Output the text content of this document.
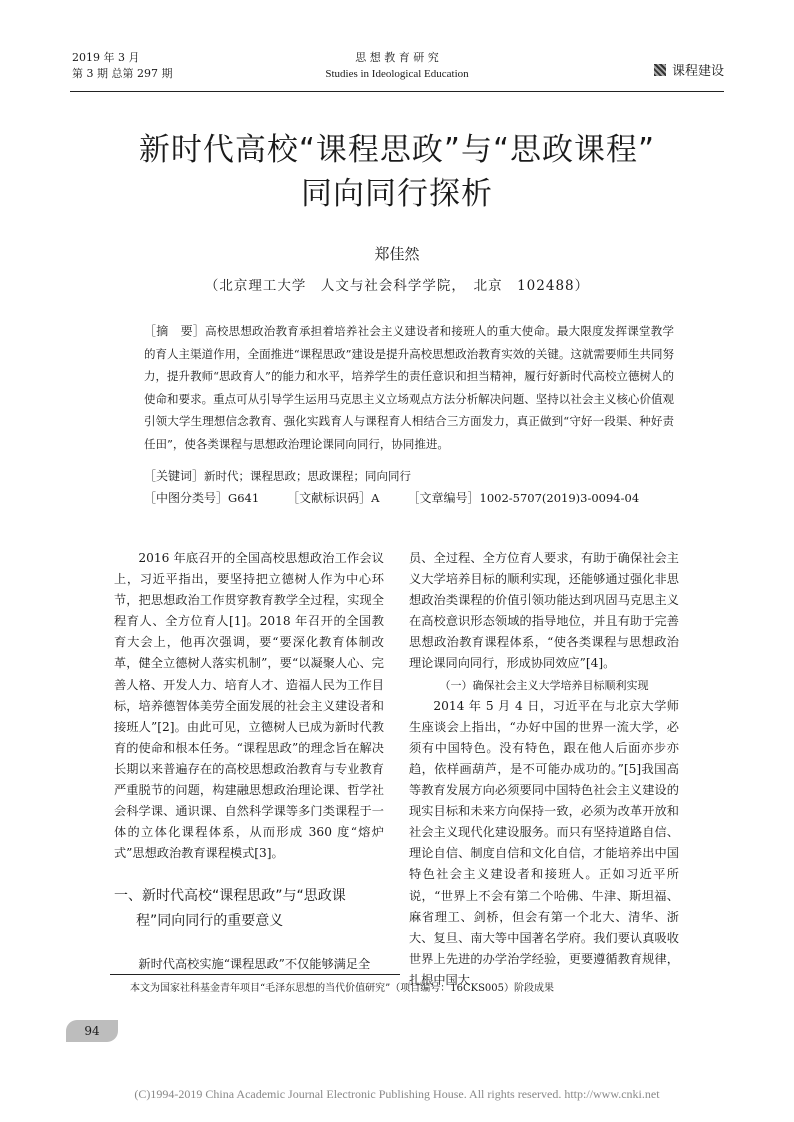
2019 年 3 月
第 3 期 总第 297 期
思 想 教 育 研 究
Studies in Ideological Education	课程建设
新时代高校“课程思政”与“思政课程”
同向同行探析
郑佳然
（北京理工大学　人文与社会科学学院，　北京　102488）
［摘　要］高校思想政治教育承担着培养社会主义建设者和接班人的重大使命。最大限度发挥课堂教学的育人主渠道作用，全面推进“课程思政”建设是提升高校思想政治教育实效的关键。这就需要师生共同努力，提升教师“思政育人”的能力和水平，培养学生的责任意识和担当精神，履行好新时代高校立德树人的使命和要求。重点可从引导学生运用马克思主义立场观点方法分析解决问题、坚持以社会主义核心价值观引领大学生理想信念教育、强化实践育人与课程育人相结合三方面发力，真正做到“守好一段渠、种好责任田”，使各类课程与思想政治理论课同向同行，协同推进。
［关键词］新时代；课程思政；思政课程；同向同行
［中图分类号］G641 ［文献标识码］A ［文章编号］1002-5707(2019)3-0094-04

2016 年底召开的全国高校思想政治工作会议上，习近平指出，要坚持把立德树人作为中心环节，把思想政治工作贯穿教育教学全过程，实现全程育人、全方位育人[1]。2018 年召开的全国教育大会上，他再次强调，要“要深化教育体制改革，健全立德树人落实机制”，要“以凝聚人心、完善人格、开发人力、培育人才、造福人民为工作目标，培养德智体美劳全面发展的社会主义建设者和接班人”[2]。由此可见，立德树人已成为新时代教育的使命和根本任务。“课程思政”的理念旨在解决长期以来普遍存在的高校思想政治教育与专业教育严重脱节的问题，构建融思想政治理论课、哲学社会科学课、通识课、自然科学课等多门类课程于一体的立体化课程体系，从而形成 360 度“熔炉式”思想政治教育课程模式[3]。

一、新时代高校“课程思政”与“思政课
程”同向同行的重要意义

新时代高校实施“课程思政”不仅能够满足全

员、全过程、全方位育人要求，有助于确保社会主义大学培养目标的顺利实现，还能够通过强化非思想政治类课程的价值引领功能达到巩固马克思主义在高校意识形态领域的指导地位，并且有助于完善思想政治教育课程体系，“使各类课程与思想政治理论课同向同行，形成协同效应”[4]。

（一）确保社会主义大学培养目标顺利实现

2014 年 5 月 4 日，习近平在与北京大学师生座谈会上指出，“办好中国的世界一流大学，必须有中国特色。没有特色，跟在他人后面亦步亦趋，依样画葫芦，是不可能办成功的。”[5]我国高等教育发展方向必须要同中国特色社会主义建设的现实目标和未来方向保持一致，必须为改革开放和社会主义现代化建设服务。而只有坚持道路自信、理论自信、制度自信和文化自信，才能培养出中国特色社会主义建设者和接班人。正如习近平所说，“世界上不会有第二个哈佛、牛津、斯坦福、麻省理工、剑桥，但会有第一个北大、清华、浙大、复旦、南大等中国著名学府。我们要认真吸收世界上先进的办学治学经验，更要遵循教育规律，扎根中国大

本文为国家社科基金青年项目“毛泽东思想的当代价值研究”（项目编号：16CKS005）阶段成果
94
(C)1994-2019 China Academic Journal Electronic Publishing House. All rights reserved. http://www.cnki.net
